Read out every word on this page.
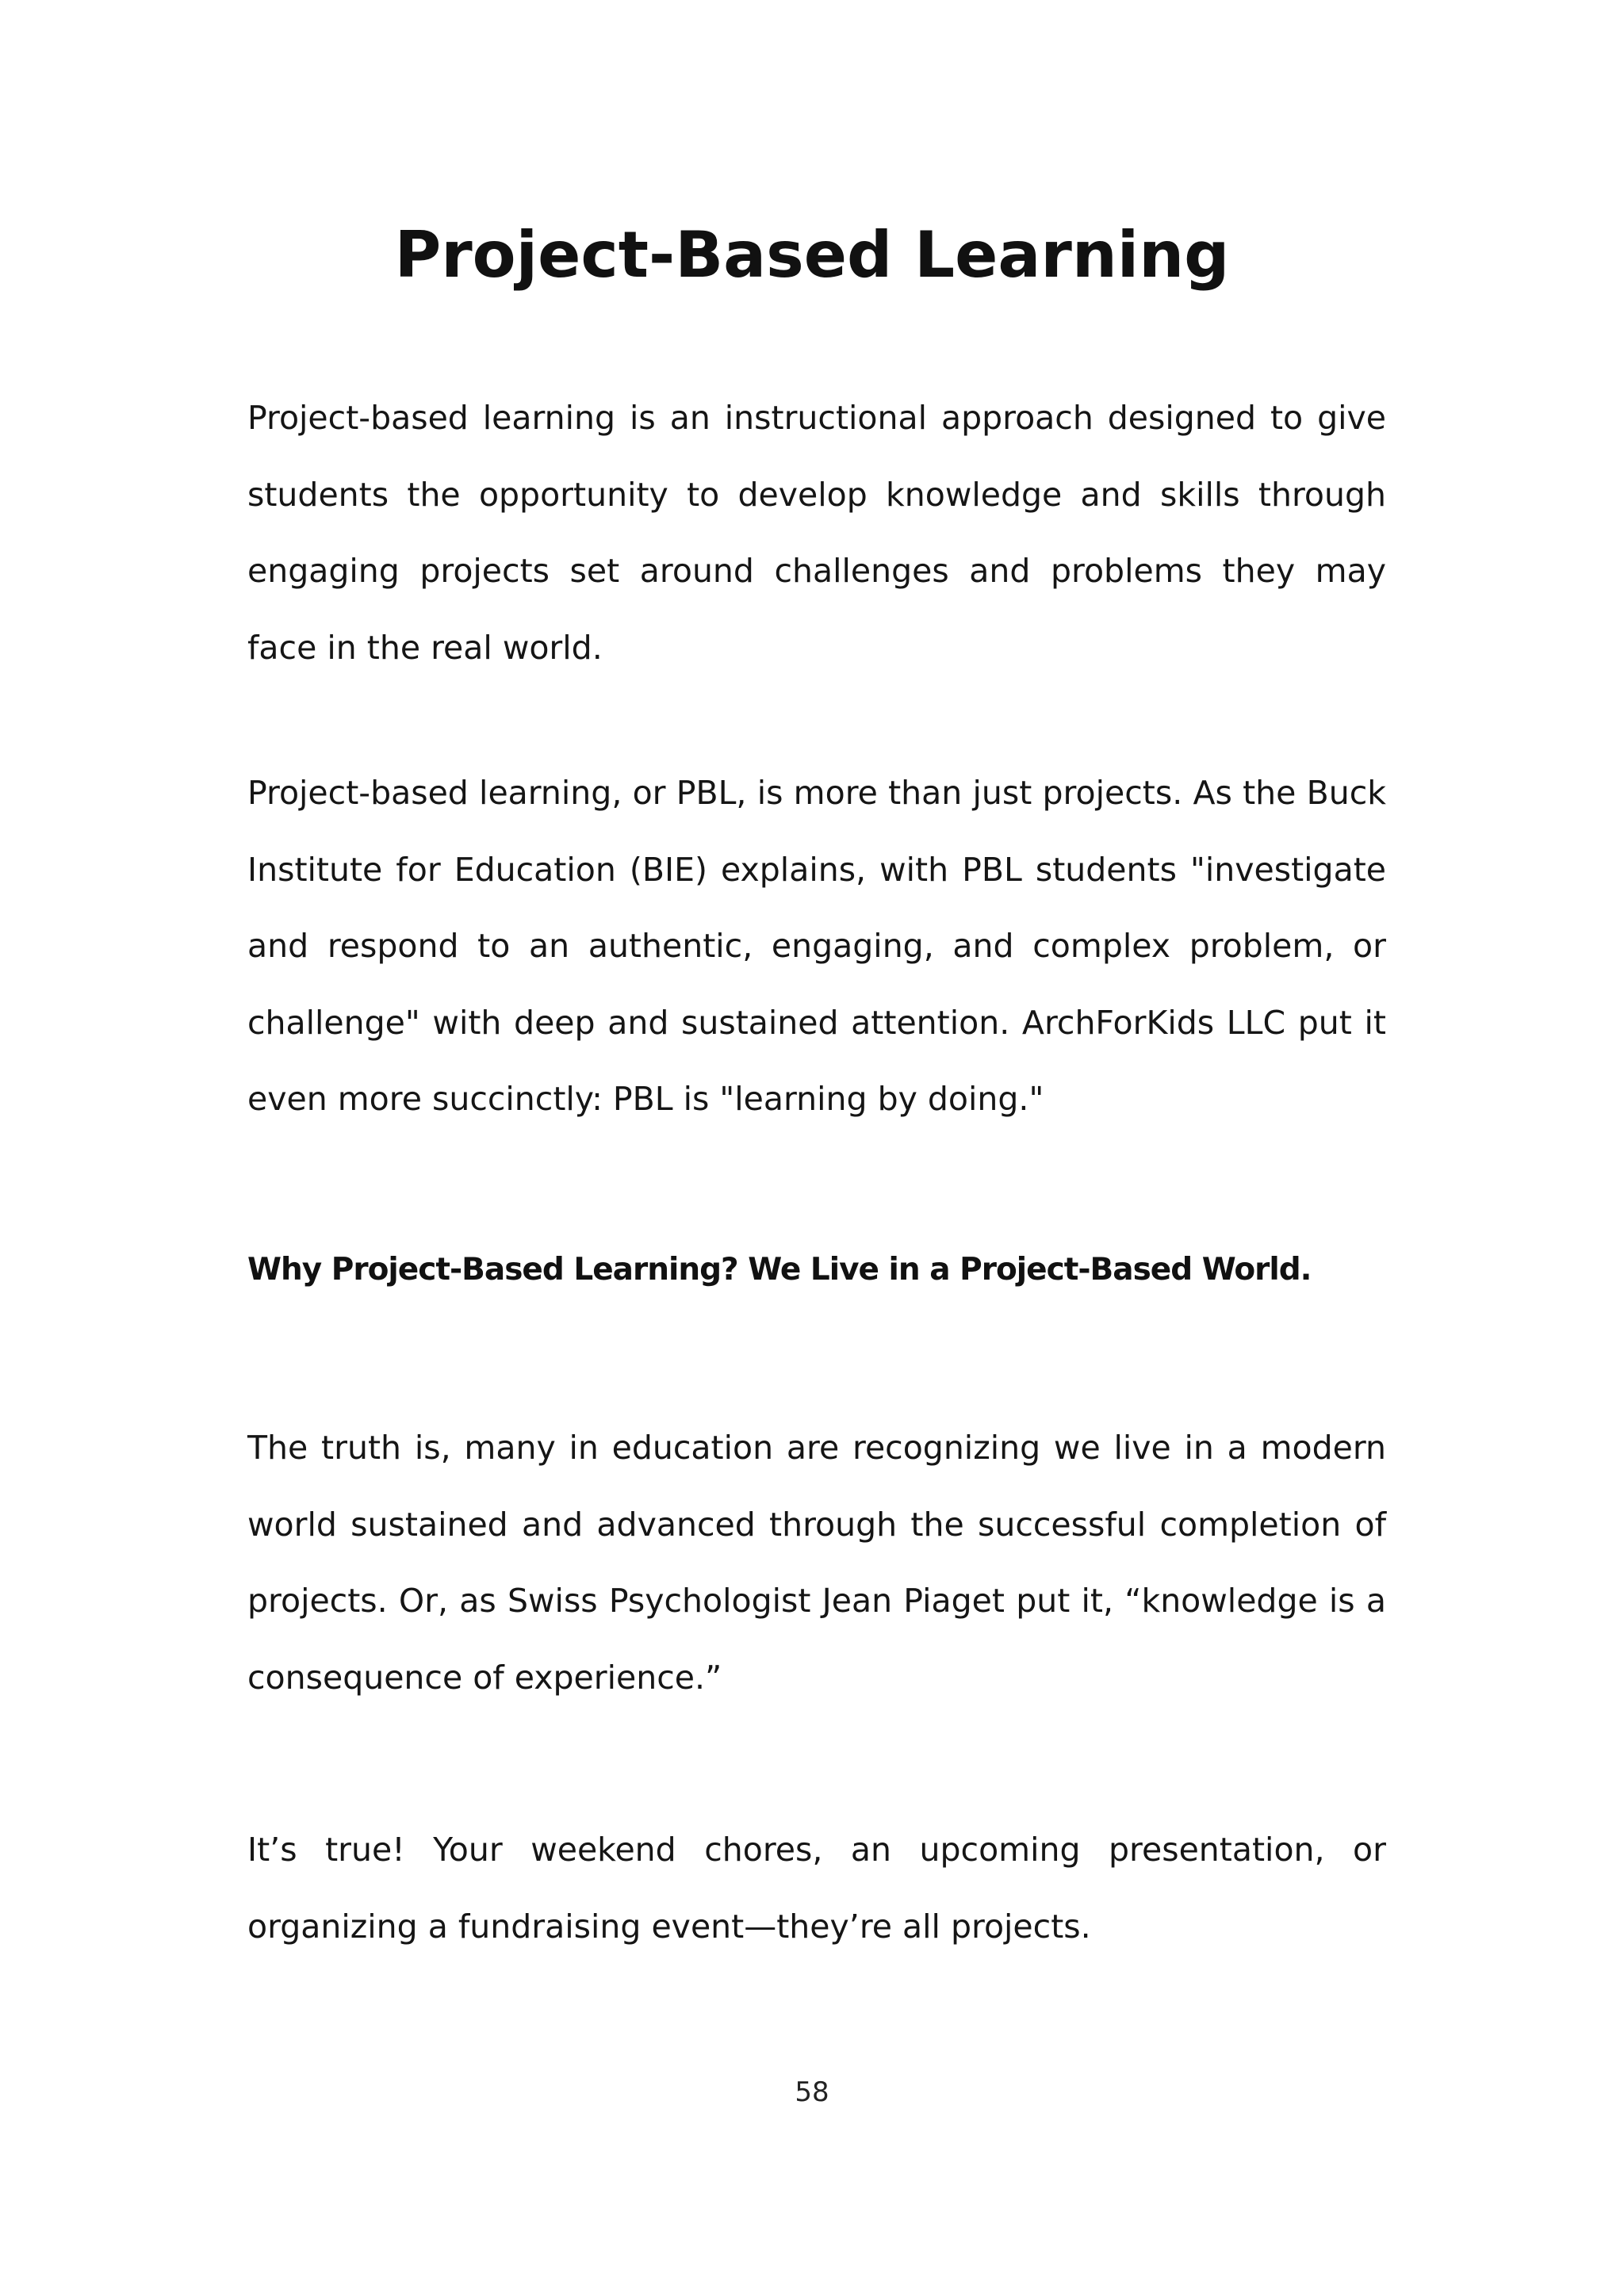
Project-Based Learning

Project-based learning is an instructional approach designed to give students the opportunity to develop knowledge and skills through engaging projects set around challenges and problems they may face in the real world.

Project-based learning, or PBL, is more than just projects. As the Buck Institute for Education (BIE) explains, with PBL students "investigate and respond to an authentic, engaging, and complex problem, or challenge" with deep and sustained attention. ArchForKids LLC put it even more succinctly: PBL is "learning by doing."

Why Project-Based Learning? We Live in a Project-Based World.

The truth is, many in education are recognizing we live in a modern world sustained and advanced through the successful completion of projects. Or, as Swiss Psychologist Jean Piaget put it, “knowledge is a consequence of experience.”

It’s true! Your weekend chores, an upcoming presentation, or organizing a fundraising event—they’re all projects.

58
